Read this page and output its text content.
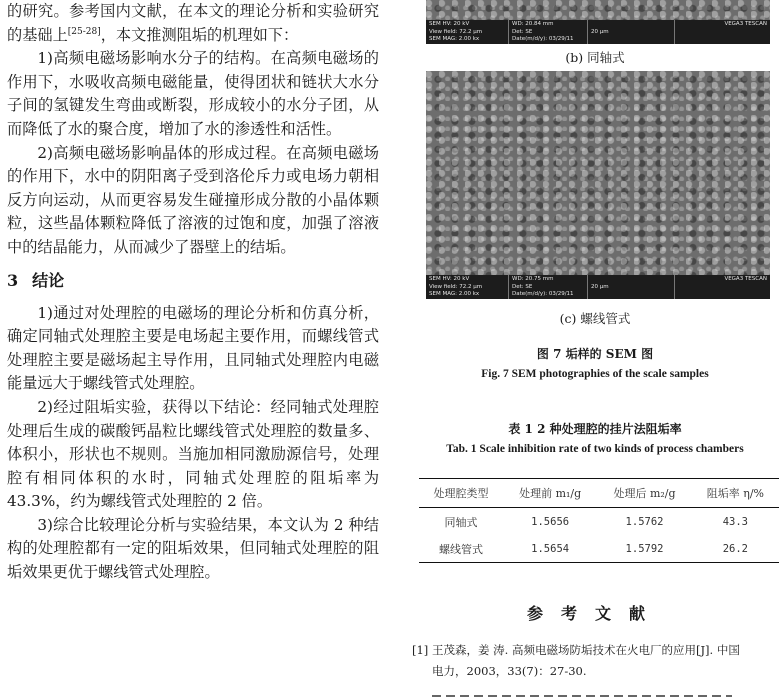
的研究。参考国内文献，在本文的理论分析和实验研究的基础上[25-28]，本文推测阻垢的机理如下：

1)高频电磁场影响水分子的结构。在高频电磁场的作用下，水吸收高频电磁能量，使得团状和链状大水分子间的氢键发生弯曲或断裂，形成较小的水分子团，从而降低了水的聚合度，增加了水的渗透性和活性。

2)高频电磁场影响晶体的形成过程。在高频电磁场的作用下，水中的阴阳离子受到洛伦斥力或电场力朝相反方向运动，从而更容易发生碰撞形成分散的小晶体颗粒，这些晶体颗粒降低了溶液的过饱和度，加强了溶液中的结晶能力，从而减少了器壁上的结垢。

3 结论

1)通过对处理腔的电磁场的理论分析和仿真分析，确定同轴式处理腔主要是电场起主要作用，而螺线管式处理腔主要是磁场起主导作用，且同轴式处理腔内电磁能量远大于螺线管式处理腔。

2)经过阻垢实验，获得以下结论：经同轴式处理腔处理后生成的碳酸钙晶粒比螺线管式处理腔的数量多、体积小，形状也不规则。当施加相同激励源信号，处理腔有相同体积的水时，同轴式处理腔的阻垢率为 43.3%，约为螺线管式处理腔的 2 倍。

3)综合比较理论分析与实验结果，本文认为 2 种结构的处理腔都有一定的阻垢效果，但同轴式处理腔的阻垢效果更优于螺线管式处理腔。

SEM HV: 20 kV
View field: 72.2 μm
SEM MAG: 2.00 kx
WD: 20.84 mm
Det: SE
Date(m/d/y): 03/29/11

20 μm
VEGA3 TESCAN
(b) 同轴式
SEM HV: 20 kV
View field: 72.2 μm
SEM MAG: 2.00 kx
WD: 20.75 mm
Det: SE
Date(m/d/y): 03/29/11

20 μm
VEGA3 TESCAN
(c) 螺线管式
图 7 垢样的 SEM 图
Fig. 7 SEM photographies of the scale samples
表 1 2 种处理腔的挂片法阻垢率
Tab. 1 Scale inhibition rate of two kinds of process chambers
处理腔类型	处理前 m₁/g	处理后 m₂/g	阻垢率 η/%
同轴式	1.5656	1.5762	43.3
螺线管式	1.5654	1.5792	26.2
参考文献
[1] 王茂森，姜 涛. 高频电磁场防垢技术在火电厂的应用[J]. 中国
电力，2003，33(7)：27-30.
